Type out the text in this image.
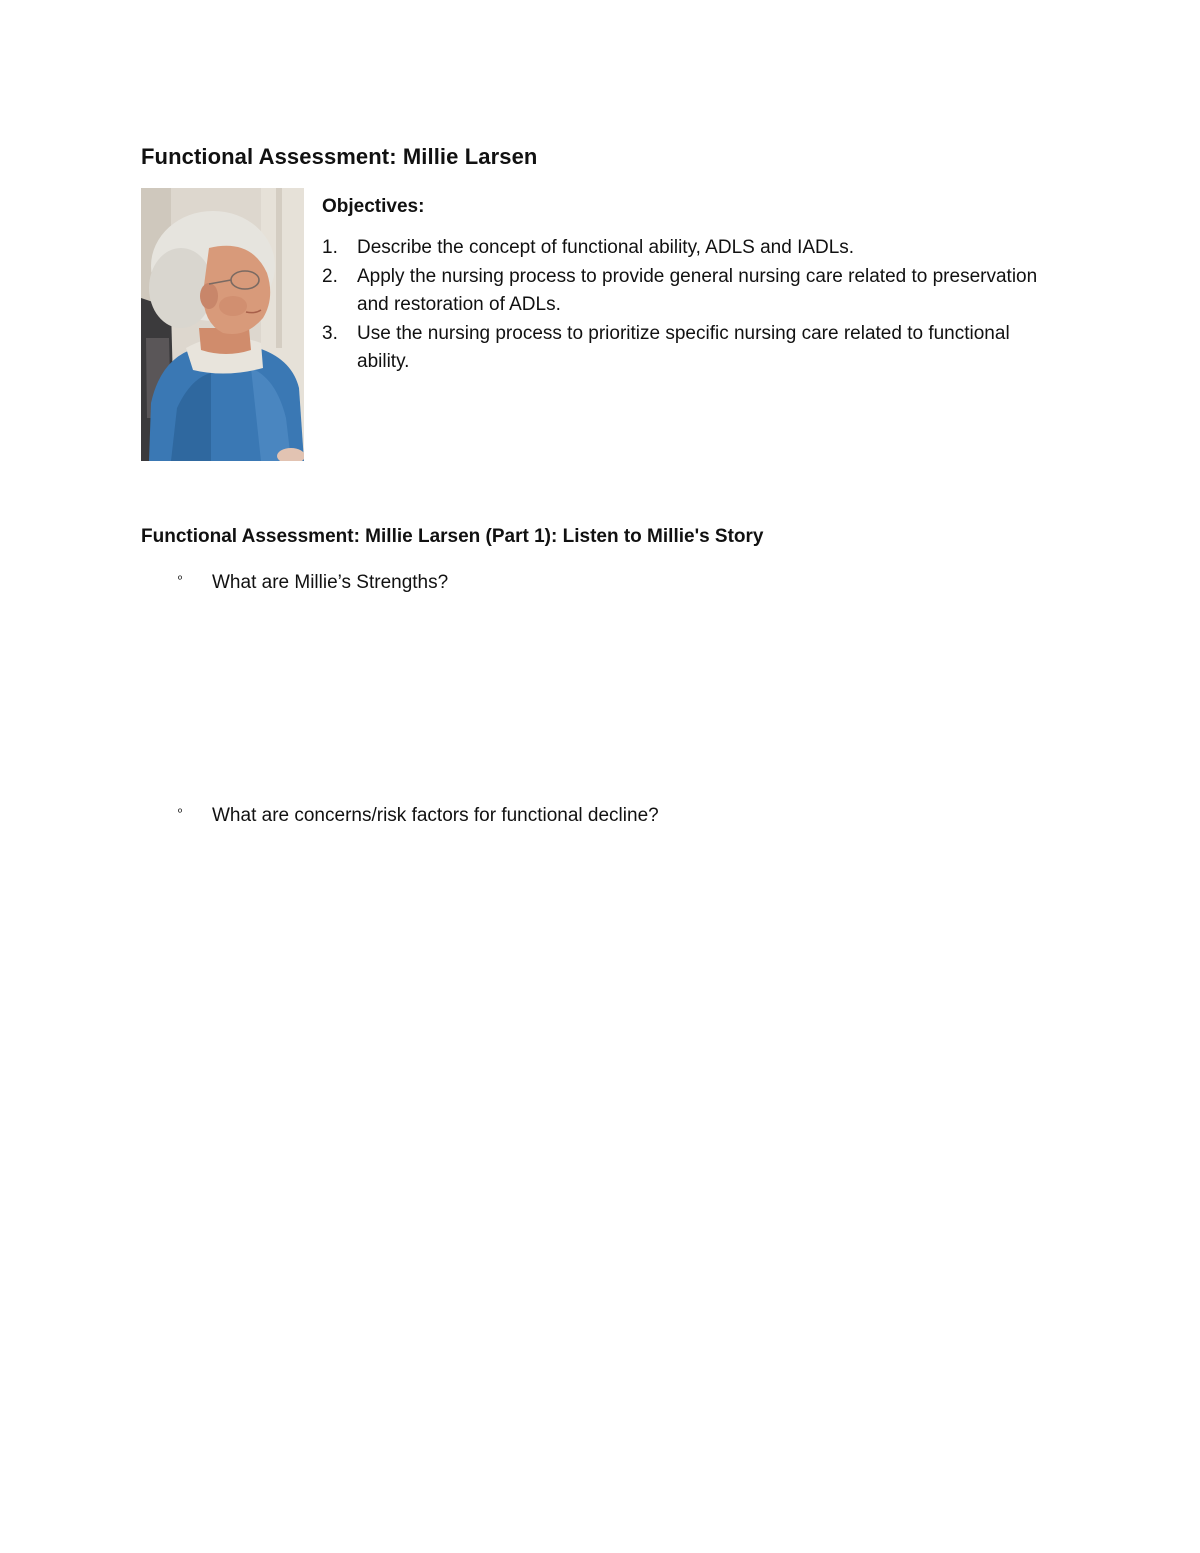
Functional Assessment: Millie Larsen
Objectives:
1.	Describe the concept of functional ability, ADLS and IADLs.
2.	Apply the nursing process to provide general nursing care related to preservation and restoration of ADLs.
3.	Use the nursing process to prioritize specific nursing care related to functional ability.
Functional Assessment: Millie Larsen (Part 1): Listen to Millie's Story
º	What are Millie’s Strengths?
º	What are concerns/risk factors for functional decline?
